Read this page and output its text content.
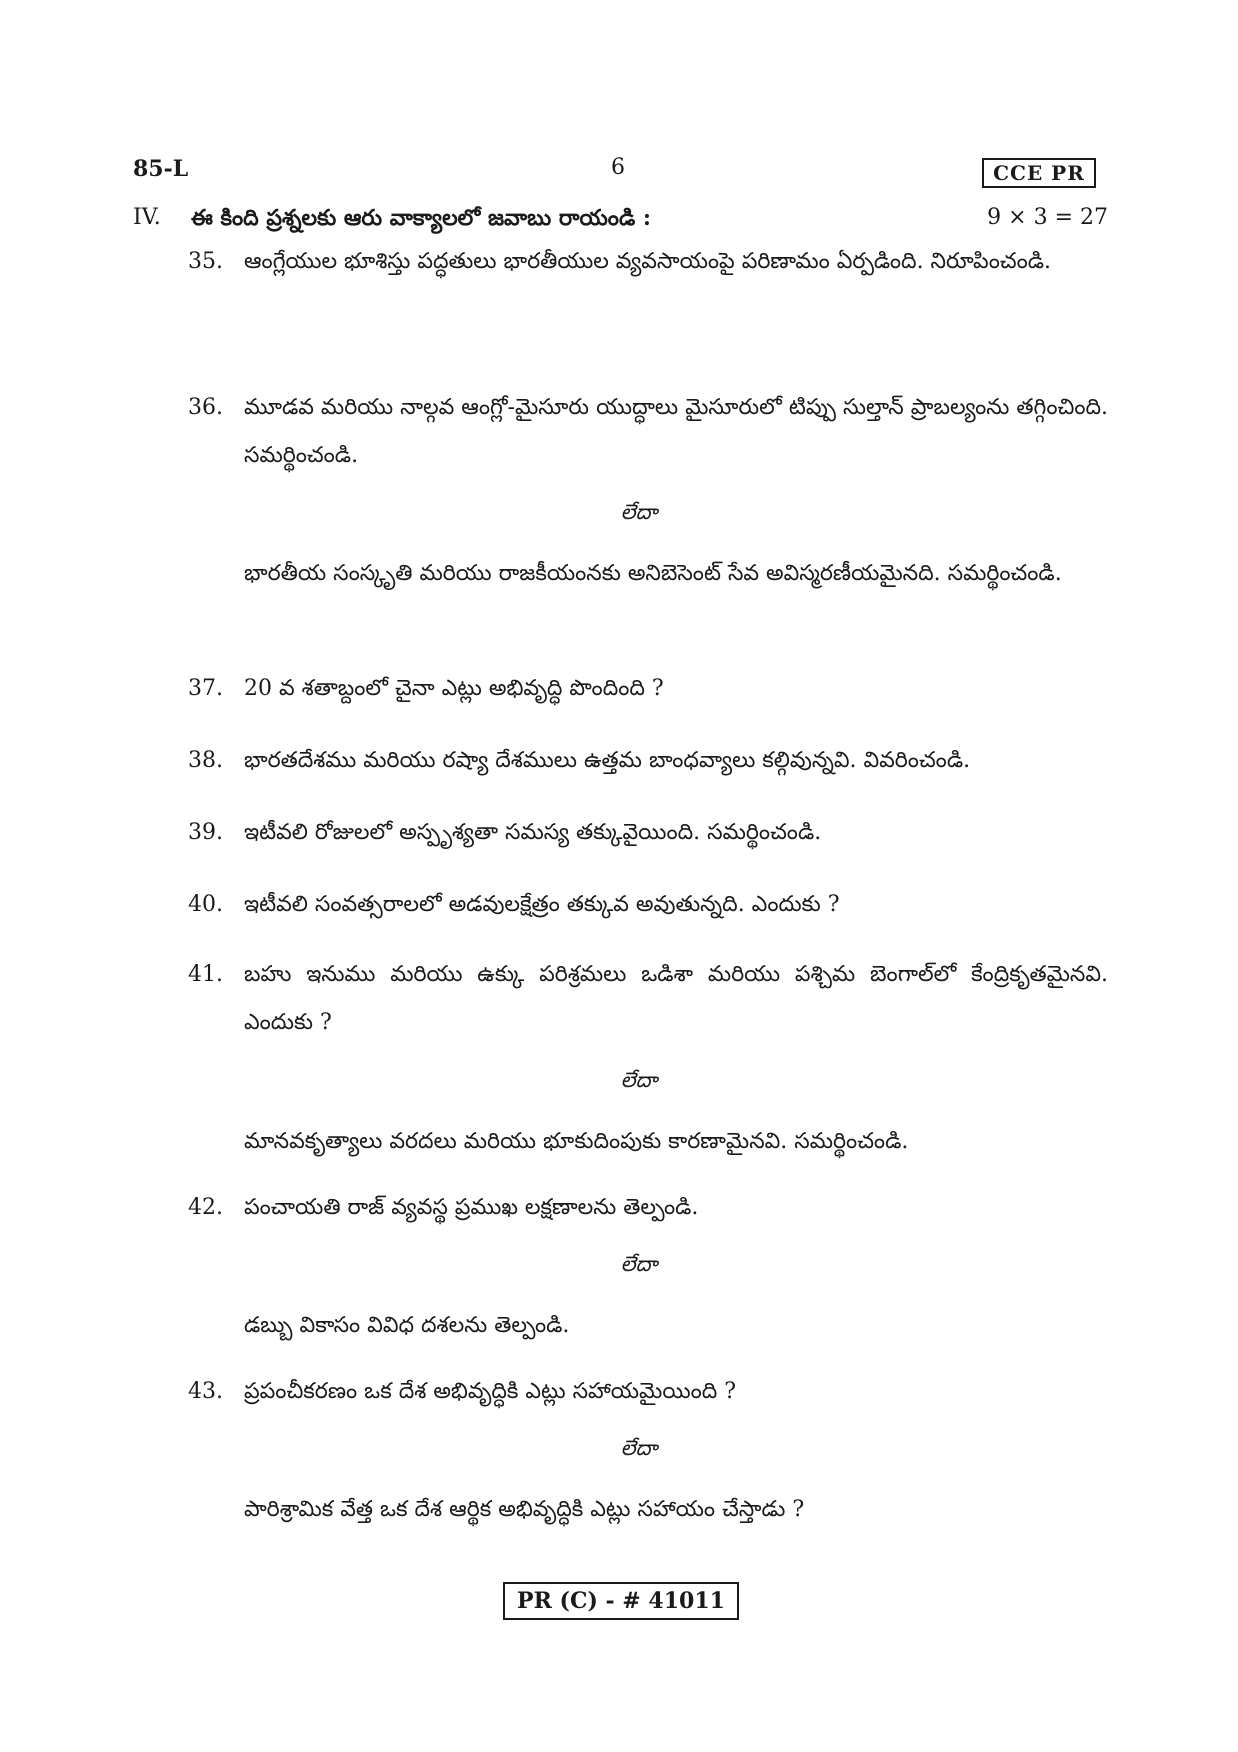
85-L	6	CCE PR
IV.	ఈ కింది ప్రశ్నలకు ఆరు వాక్యాలలో జవాబు రాయండి :	9 × 3 = 27
35. ఆంగ్లేయుల భూశిస్తు పద్ధతులు భారతీయుల వ్యవసాయంపై పరిణామం ఏర్పడింది. నిరూపించండి.
36. మూడవ మరియు నాల్గవ ఆంగ్లో-మైసూరు యుద్ధాలు మైసూరులో టిప్పు సుల్తాన్ ప్రాబల్యంను తగ్గించింది. సమర్థించండి.
లేదా
భారతీయ సంస్కృతి మరియు రాజకీయంనకు అనిబెసెంట్ సేవ అవిస్మరణీయమైనది. సమర్థించండి.
37. 20 వ శతాబ్దంలో చైనా ఎట్లు అభివృద్ధి పొందింది ?
38. భారతదేశము మరియు రష్యా దేశములు ఉత్తమ బాంధవ్యాలు కల్గివున్నవి. వివరించండి.
39. ఇటీవలి రోజులలో అస్పృశ్యతా సమస్య తక్కువైయింది. సమర్థించండి.
40. ఇటీవలి సంవత్సరాలలో అడవులక్షేత్రం తక్కువ అవుతున్నది. ఎందుకు ?
41. బహు ఇనుము మరియు ఉక్కు పరిశ్రమలు ఒడిశా మరియు పశ్చిమ బెంగాల్‌లో కేంద్రికృతమైనవి. ఎందుకు ?
లేదా
మానవకృత్యాలు వరదలు మరియు భూకుదింపుకు కారణామైనవి. సమర్థించండి.
42. పంచాయతి రాజ్ వ్యవస్థ ప్రముఖ లక్షణాలను తెల్పండి.
లేదా
డబ్బు వికాసం వివిధ దశలను తెల్పండి.
43. ప్రపంచీకరణం ఒక దేశ అభివృద్ధికి ఎట్లు సహాయమైయింది ?
లేదా
పారిశ్రామిక వేత్త ఒక దేశ ఆర్థిక అభివృద్ధికి ఎట్లు సహాయం చేస్తాడు ?
PR (C) - # 41011
